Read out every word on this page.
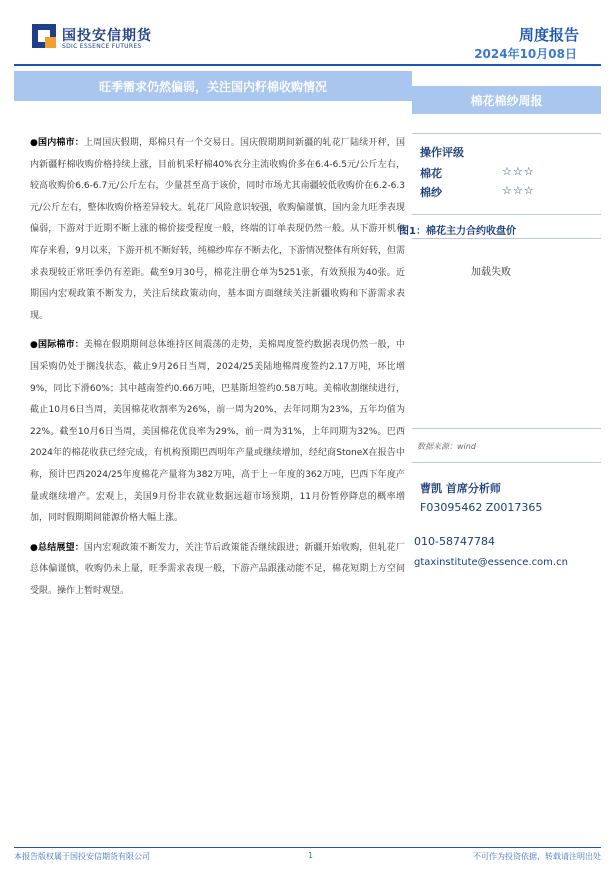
国投安信期货
SDIC ESSENCE FUTURES
周度报告
2024年10月08日
旺季需求仍然偏弱，关注国内籽棉收购情况
棉花棉纱周报

●国内棉市：上周国庆假期，郑棉只有一个交易日。国庆假期期间新疆的轧花厂陆续开秤，国内新疆籽棉收购价格持续上涨，目前机采籽棉40%衣分主流收购价多在6.4-6.5元/公斤左右，较高收购价6.6-6.7元/公斤左右，少量甚至高于该价，同时市场尤其南疆较低收购价在6.2-6.3元/公斤左右，整体收购价格差异较大。轧花厂风险意识较强，收购偏谨慎，国内金九旺季表现偏弱，下游对于近期不断上涨的棉价接受程度一般，终端的订单表现仍然一般。从下游开机和库存来看，9月以来，下游开机不断好转，纯棉纱库存不断去化，下游情况整体有所好转，但需求表现较正常旺季仍有差距。截至9月30号，棉花注册仓单为5251张，有效预报为40张。近期国内宏观政策不断发力，关注后续政策动向，基本面方面继续关注新疆收购和下游需求表现。

●国际棉市：美棉在假期期间总体维持区间震荡的走势，美棉周度签约数据表现仍然一般，中国采购仍处于搁浅状态，截止9月26日当周，2024/25美陆地棉周度签约2.17万吨，环比增9%，同比下滑60%；其中越南签约0.66万吨，巴基斯坦签约0.58万吨。美棉收割继续进行，截止10月6日当周，美国棉花收割率为26%，前一周为20%，去年同期为23%，五年均值为22%。截至10月6日当周，美国棉花优良率为29%，前一周为31%，上年同期为32%。巴西2024年的棉花收获已经完成，有机构预期巴西明年产量或继续增加，经纪商StoneX在报告中称，预计巴西2024/25年度棉花产量将为382万吨，高于上一年度的362万吨，巴西下年度产量或继续增产。宏观上，美国9月份非农就业数据远超市场预期，11月份暂停降息的概率增加，同时假期期间能源价格大幅上涨。

●总结展望：国内宏观政策不断发力，关注节后政策能否继续跟进；新疆开始收购，但轧花厂总体偏谨慎，收购仍未上量，旺季需求表现一般，下游产品跟涨动能不足，棉花短期上方空间受限。操作上暂时观望。

操作评级
棉花	☆☆☆
棉纱	☆☆☆
图1：棉花主力合约收盘价
加载失败
数据来源：wind
曹凯 首席分析师
F03095462 Z0017365
010-58747784
gtaxinstitute@essence.com.cn
本报告版权属于国投安信期货有限公司	1	不可作为投资依据，转载请注明出处
